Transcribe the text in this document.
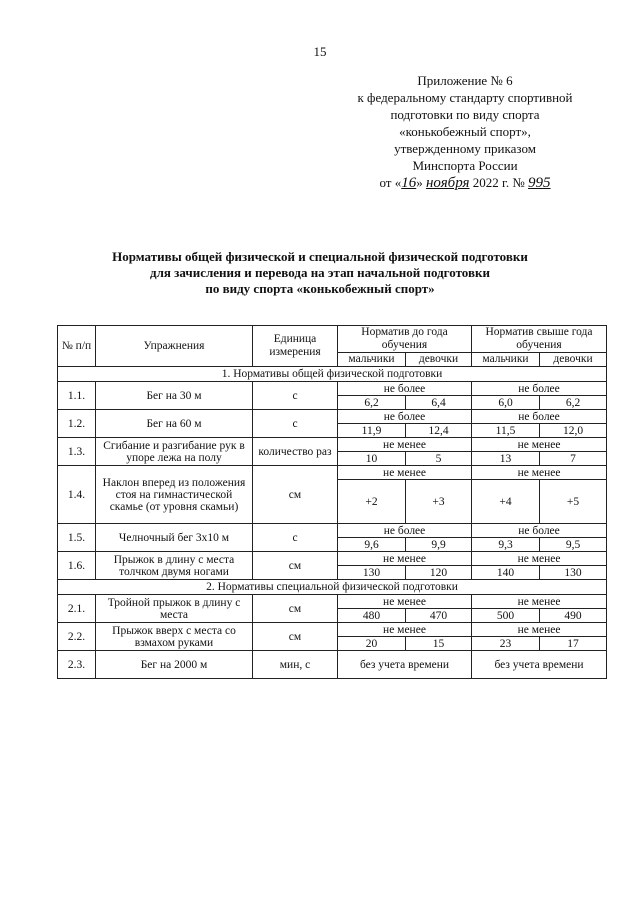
15
Приложение № 6
к федеральному стандарту спортивной
подготовки по виду спорта
«конькобежный спорт»,
утвержденному приказом
Минспорта России
от «16» ноября 2022 г. № 995
Нормативы общей физической и специальной физической подготовки
для зачисления и перевода на этап начальной подготовки
по виду спорта «конькобежный спорт»
№ п/п	Упражнения	Единица измерения	Норматив до года обучения		Норматив свыше года обучения	
			мальчики	девочки	мальчики	девочки
1. Нормативы общей физической подготовки						
1.1.	Бег на 30 м	с	не более		не более	
			6,2	6,4	6,0	6,2
1.2.	Бег на 60 м	с	не более		не более	
			11,9	12,4	11,5	12,0
1.3.	Сгибание и разгибание рук в упоре лежа на полу	количество раз	не менее		не менее	
			10	5	13	7
1.4.	Наклон вперед из положения стоя на гимнастической скамье (от уровня скамьи)	см	не менее		не менее	
			+2	+3	+4	+5
1.5.	Челночный бег 3х10 м	с	не более		не более	
			9,6	9,9	9,3	9,5
1.6.	Прыжок в длину с места толчком двумя ногами	см	не менее		не менее	
			130	120	140	130
2. Нормативы специальной физической подготовки						
2.1.	Тройной прыжок в длину с места	см	не менее		не менее	
			480	470	500	490
2.2.	Прыжок вверх с места со взмахом руками	см	не менее		не менее	
			20	15	23	17
2.3.	Бег на 2000 м	мин, с	без учета времени		без учета времени	
